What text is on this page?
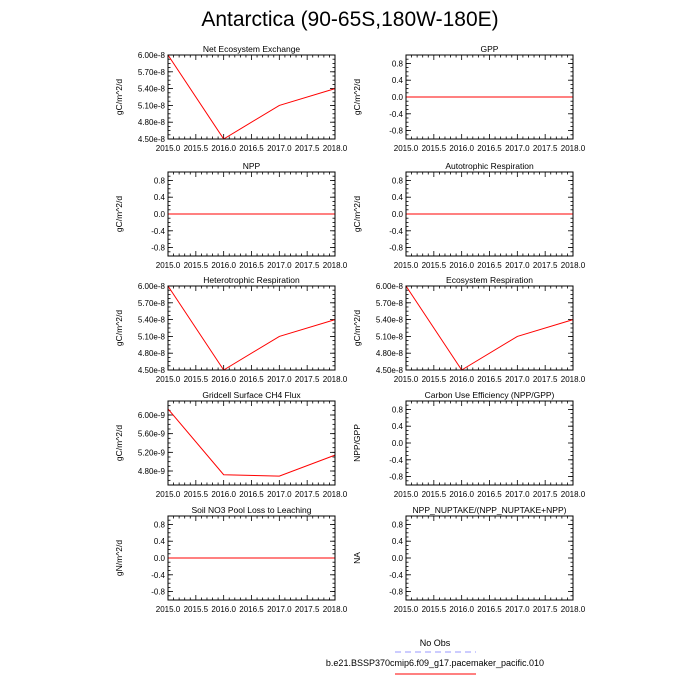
Antarctica (90-65S,180W-180E)
Net Ecosystem Exchange
gC/m^2/d
2015.0 2015.5 2016.0 2016.5 2017.0 2017.5 2018.0
4.50e-8
4.80e-8
5.10e-8
5.40e-8
5.70e-8
6.00e-8
GPP
gC/m^2/d
2015.0 2015.5 2016.0 2016.5 2017.0 2017.5 2018.0
-0.8
-0.4
0.0
0.4
0.8
NPP
gC/m^2/d
2015.0 2015.5 2016.0 2016.5 2017.0 2017.5 2018.0
-0.8
-0.4
0.0
0.4
0.8
Autotrophic Respiration
gC/m^2/d
2015.0 2015.5 2016.0 2016.5 2017.0 2017.5 2018.0
-0.8
-0.4
0.0
0.4
0.8
Heterotrophic Respiration
gC/m^2/d
2015.0 2015.5 2016.0 2016.5 2017.0 2017.5 2018.0
4.50e-8
4.80e-8
5.10e-8
5.40e-8
5.70e-8
6.00e-8
Ecosystem Respiration
gC/m^2/d
2015.0 2015.5 2016.0 2016.5 2017.0 2017.5 2018.0
4.50e-8
4.80e-8
5.10e-8
5.40e-8
5.70e-8
6.00e-8
Gridcell Surface CH4 Flux
gC/m^2/d
2015.0 2015.5 2016.0 2016.5 2017.0 2017.5 2018.0
4.80e-9
5.20e-9
5.60e-9
6.00e-9
Carbon Use Efficiency (NPP/GPP)
NPP/GPP
2015.0 2015.5 2016.0 2016.5 2017.0 2017.5 2018.0
-0.8
-0.4
0.0
0.4
0.8
Soil NO3 Pool Loss to Leaching
gN/m^2/d
2015.0 2015.5 2016.0 2016.5 2017.0 2017.5 2018.0
-0.8
-0.4
0.0
0.4
0.8
NPP_NUPTAKE/(NPP_NUPTAKE+NPP)
NA
2015.0 2015.5 2016.0 2016.5 2017.0 2017.5 2018.0
-0.8
-0.4
0.0
0.4
0.8
No Obs
b.e21.BSSP370cmip6.f09_g17.pacemaker_pacific.010
